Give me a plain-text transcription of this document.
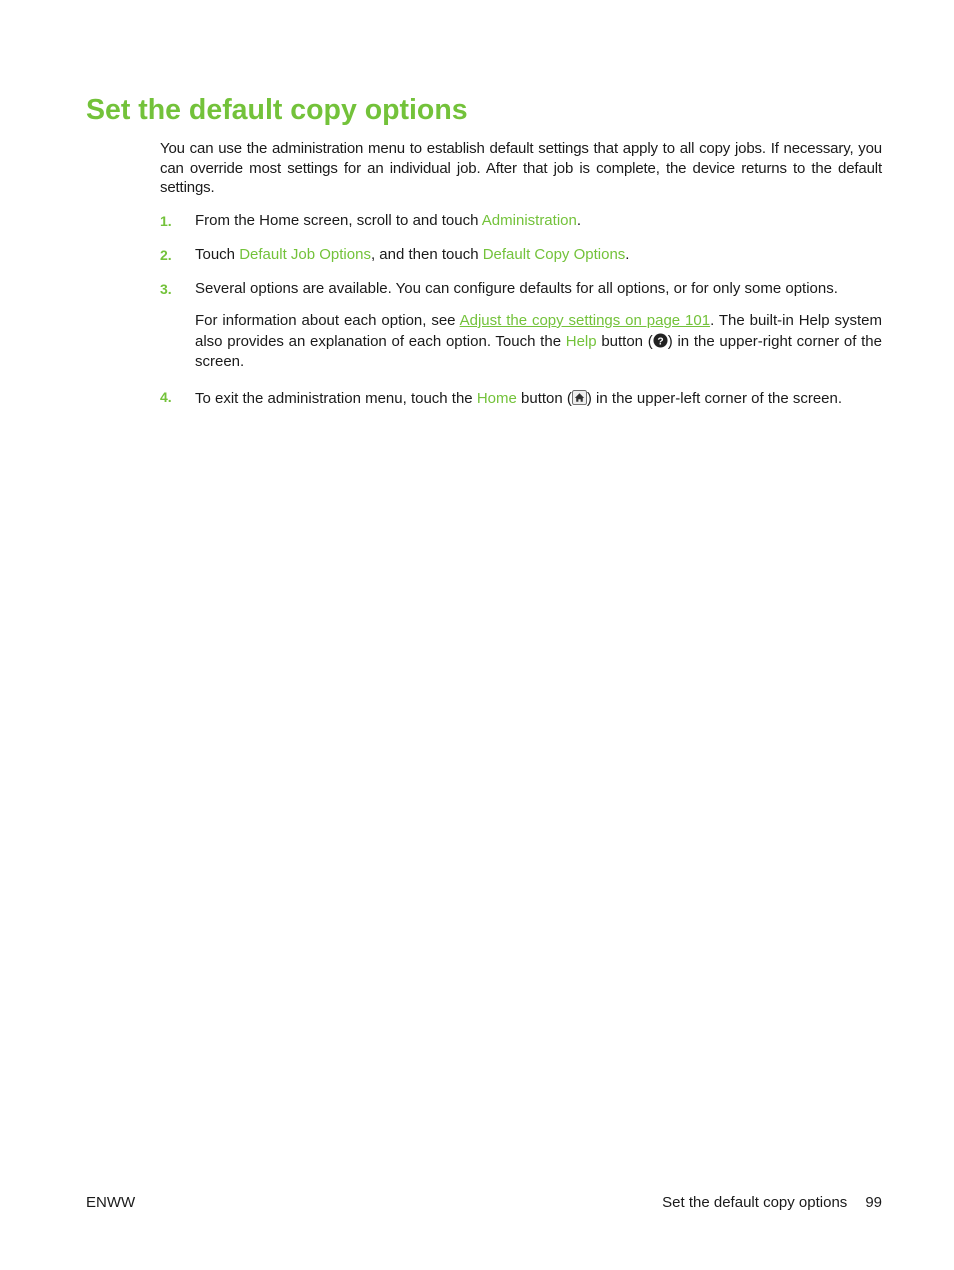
Set the default copy options

You can use the administration menu to establish default settings that apply to all copy jobs. If necessary, you can override most settings for an individual job. After that job is complete, the device returns to the default settings.

1.	From the Home screen, scroll to and touch Administration.

2.	Touch Default Job Options, and then touch Default Copy Options.

3.	Several options are available. You can configure defaults for all options, or for only some options.

For information about each option, see Adjust the copy settings on page 101. The built-in Help system also provides an explanation of each option. Touch the Help button ( ? ) in the upper-right corner of the screen.

4.	To exit the administration menu, touch the Home button ( ) in the upper-left corner of the screen.

ENWW	Set the default copy options 99
